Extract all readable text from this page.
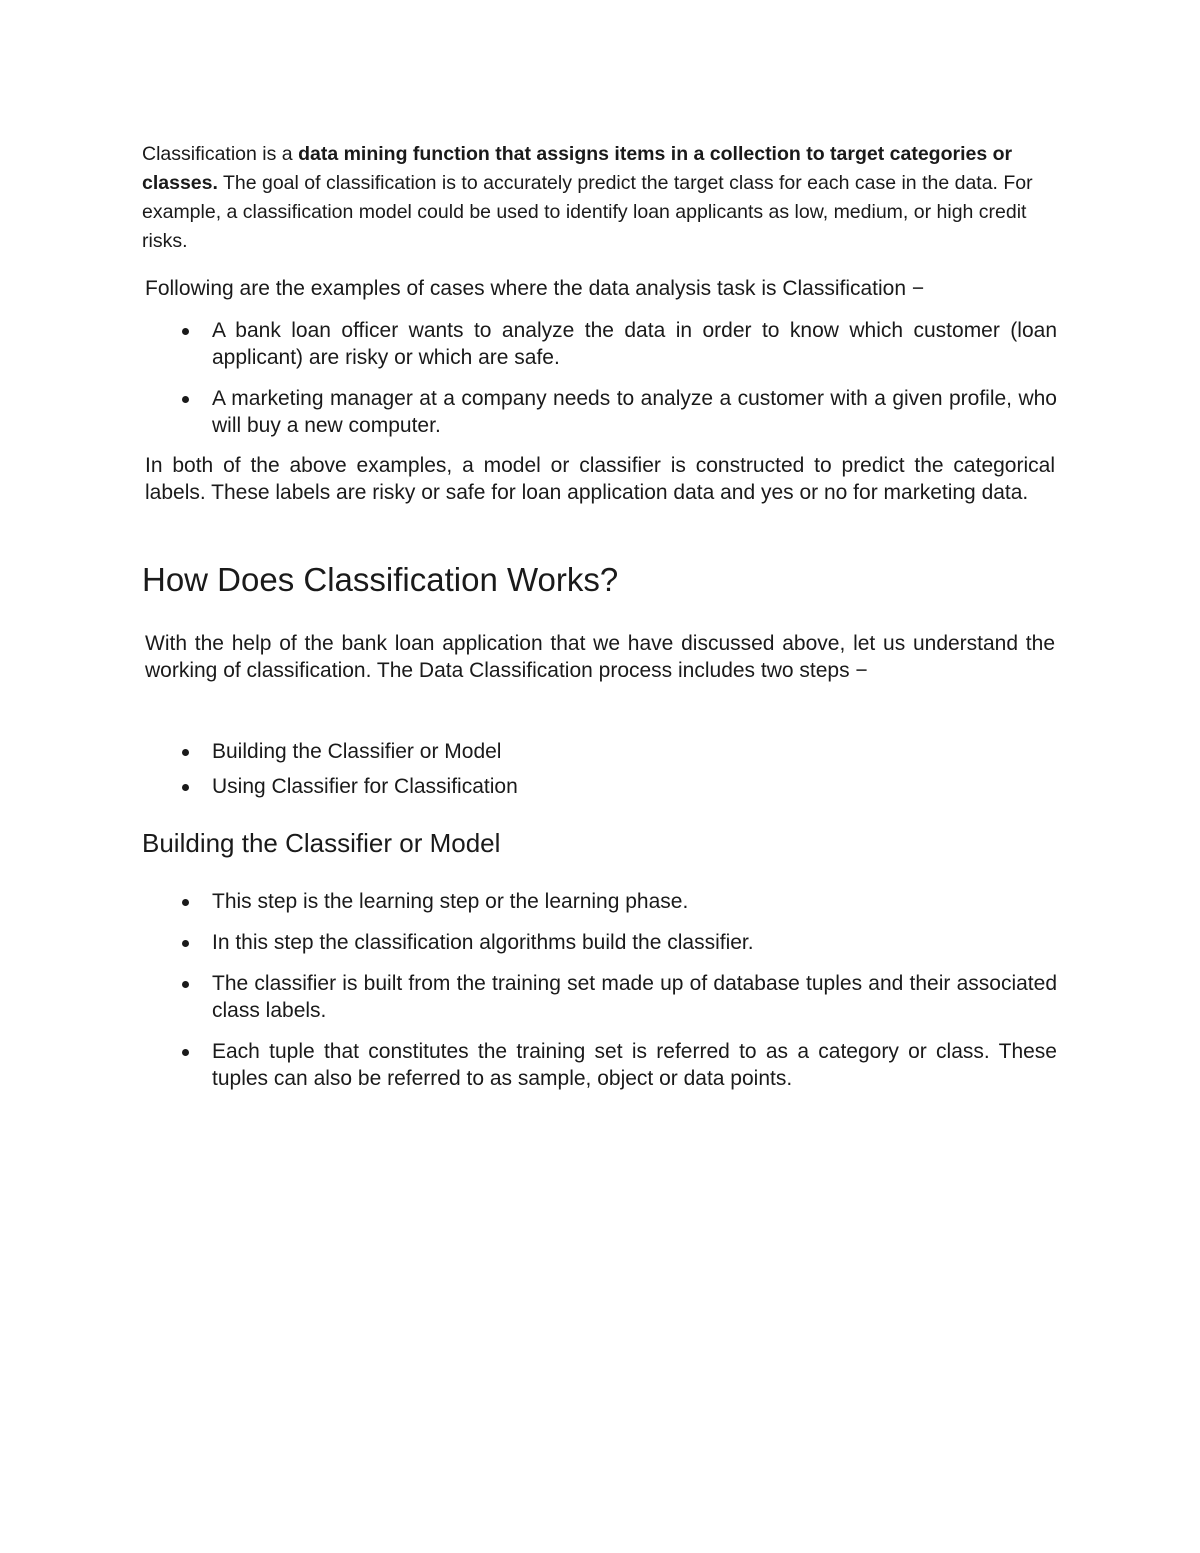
Classification is a data mining function that assigns items in a collection to target categories or classes. The goal of classification is to accurately predict the target class for each case in the data. For example, a classification model could be used to identify loan applicants as low, medium, or high credit risks.

Following are the examples of cases where the data analysis task is Classification −

A bank loan officer wants to analyze the data in order to know which customer (loan applicant) are risky or which are safe.
A marketing manager at a company needs to analyze a customer with a given profile, who will buy a new computer.

In both of the above examples, a model or classifier is constructed to predict the categorical labels. These labels are risky or safe for loan application data and yes or no for marketing data.

How Does Classification Works?

With the help of the bank loan application that we have discussed above, let us understand the working of classification. The Data Classification process includes two steps −

Building the Classifier or Model
Using Classifier for Classification
Building the Classifier or Model
This step is the learning step or the learning phase.
In this step the classification algorithms build the classifier.
The classifier is built from the training set made up of database tuples and their associated class labels.
Each tuple that constitutes the training set is referred to as a category or class. These tuples can also be referred to as sample, object or data points.
